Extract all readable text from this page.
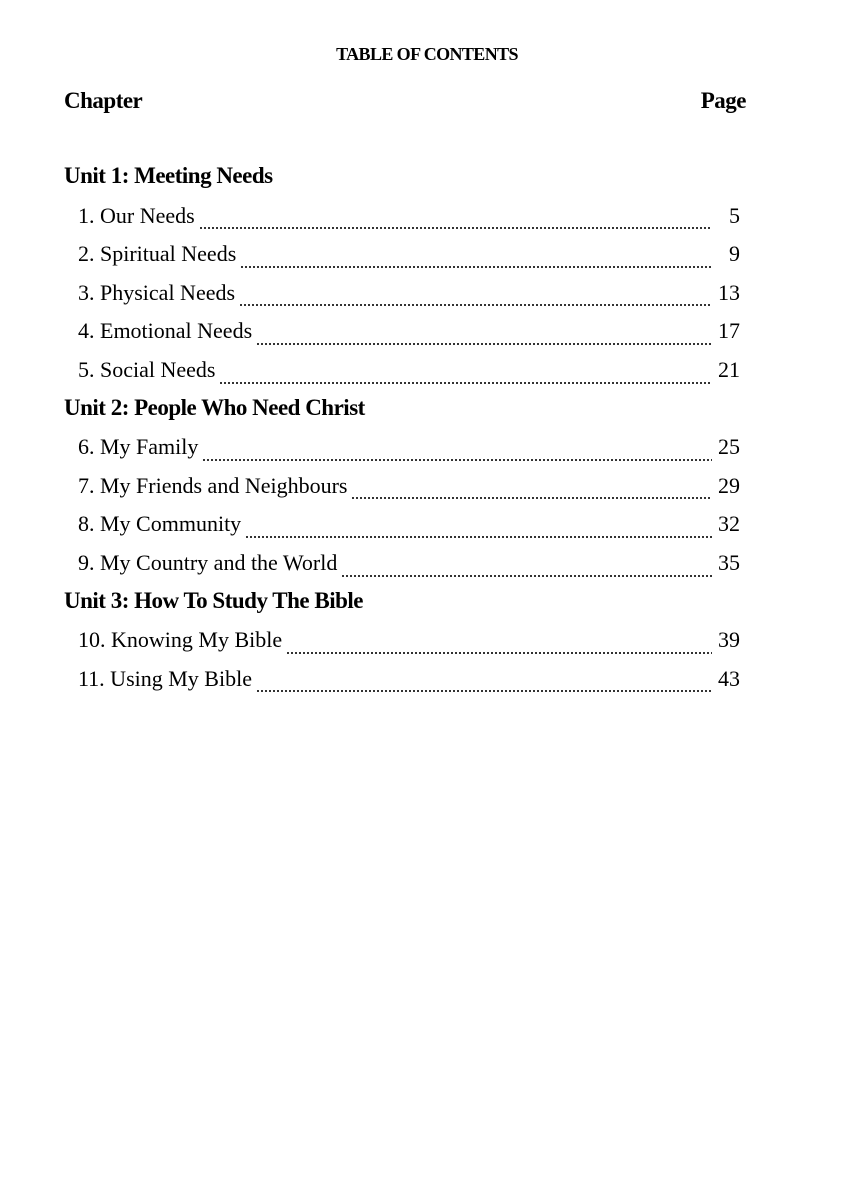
TABLE OF CONTENTS
Chapter	Page
Unit 1: Meeting Needs
1. Our Needs	5
2. Spiritual Needs	9
3. Physical Needs	13
4. Emotional Needs	17
5. Social Needs	21
Unit 2: People Who Need Christ
6. My Family	25
7. My Friends and Neighbours	29
8. My Community	32
9. My Country and the World	35
Unit 3: How To Study The Bible
10. Knowing My Bible	39
11. Using My Bible	43
